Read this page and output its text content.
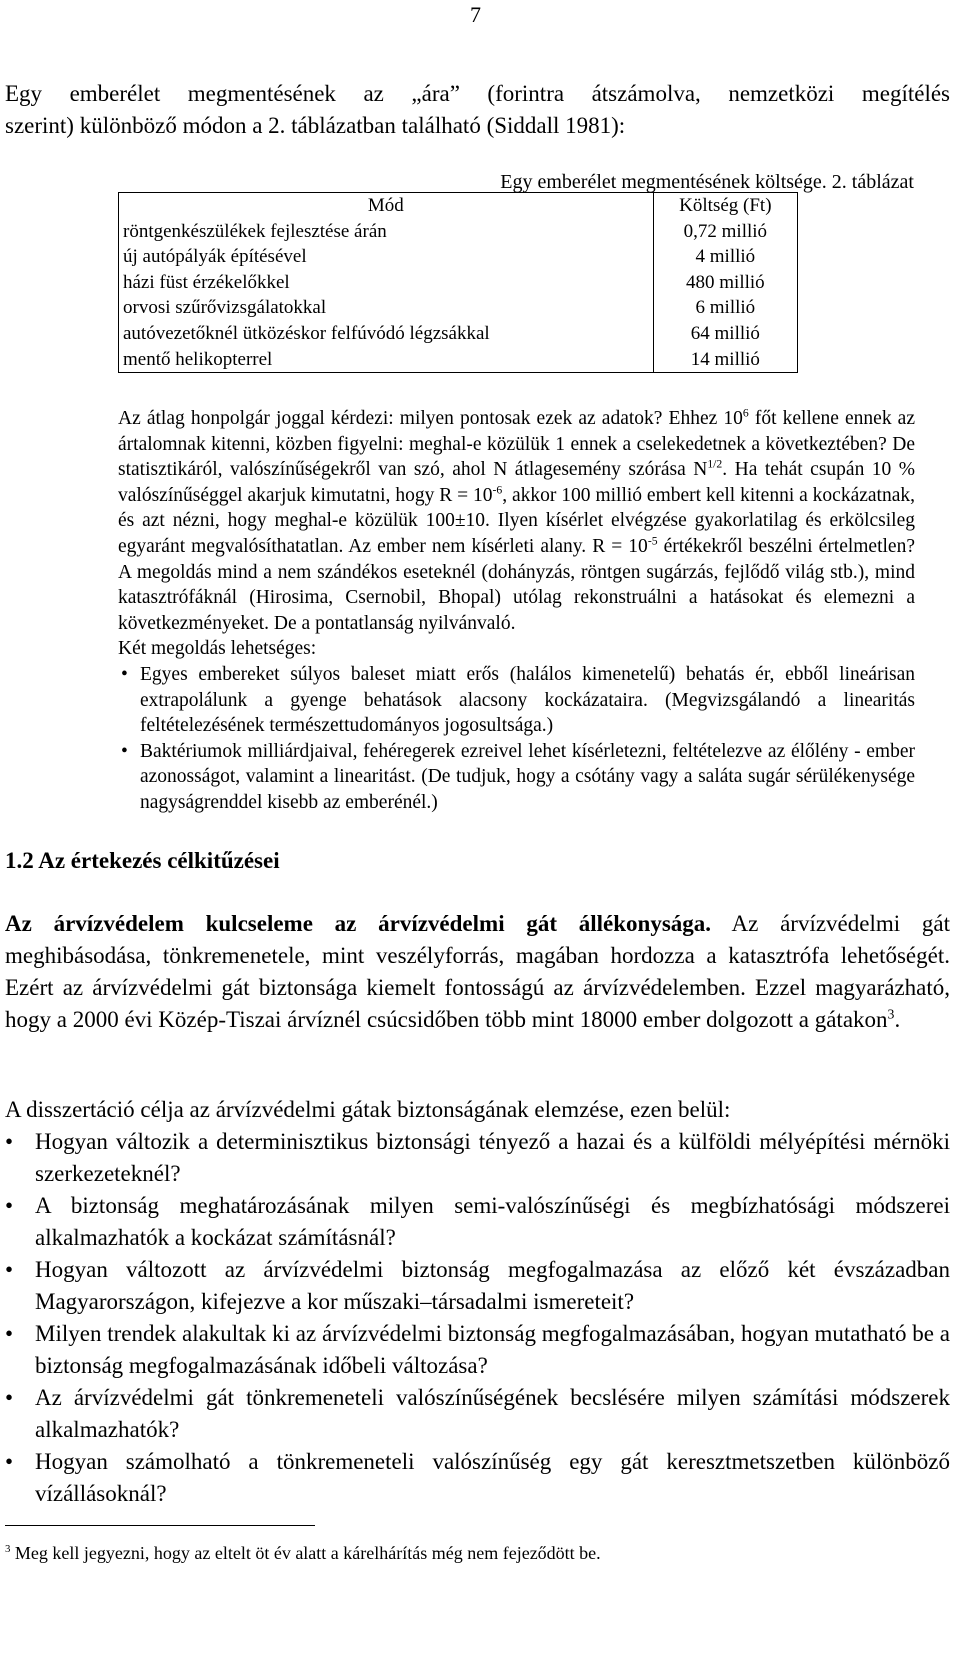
7
Egy emberélet megmentésének az „ára” (forintra átszámolva, nemzetközi megítélés
szerint) különböző módon a 2. táblázatban található (Siddall 1981):
Egy emberélet megmentésének költsége. 2. táblázat
Mód	Költség (Ft)
röntgenkészülékek fejlesztése árán	0,72 millió
új autópályák építésével	4 millió
házi füst érzékelőkkel	480 millió
orvosi szűrővizsgálatokkal	6 millió
autóvezetőknél ütközéskor felfúvódó légzsákkal	64 millió
mentő helikopterrel	14 millió
Az átlag honpolgár joggal kérdezi: milyen pontosak ezek az adatok? Ehhez $10^6$ főt kellene ennek az ártalomnak kitenni, közben figyelni: meghal-e közülük 1 ennek a cselekedetnek a következtében? De statisztikáról, valószínűségekről van szó, ahol N átlagesemény szórása $N^{1/2}$. Ha tehát csupán 10 % valószínűséggel akarjuk kimutatni, hogy $R = 10^{-6}$, akkor 100 millió embert kell kitenni a kockázatnak, és azt nézni, hogy meghal-e közülük 100±10. Ilyen kísérlet elvégzése gyakorlatilag és erkölcsileg egyaránt megvalósíthatatlan. Az ember nem kísérleti alany. $R = 10^{-5}$ értékekről beszélni értelmetlen? A megoldás mind a nem szándékos eseteknél (dohányzás, röntgen sugárzás, fejlődő világ stb.), mind katasztrófáknál (Hirosima, Csernobil, Bhopal) utólag rekonstruálni a hatásokat és elemezni a következményeket. De a pontatlanság nyilvánvaló.
Két megoldás lehetséges:
• Egyes embereket súlyos baleset miatt erős (halálos kimenetelű) behatás ér, ebből lineárisan extrapolálunk a gyenge behatások alacsony kockázataira. (Megvizsgálandó a linearitás feltételezésének természettudományos jogosultsága.)
• Baktériumok milliárdjaival, fehéregerek ezreivel lehet kísérletezni, feltételezve az élőlény - ember azonosságot, valamint a linearitást. (De tudjuk, hogy a csótány vagy a saláta sugár sérülékenysége nagyságrenddel kisebb az emberénél.)
1.2 Az értekezés célkitűzései
Az árvízvédelem kulcseleme az árvízvédelmi gát állékonysága. Az árvízvédelmi gát meghibásodása, tönkremenetele, mint veszélyforrás, magában hordozza a katasztrófa lehetőségét. Ezért az árvízvédelmi gát biztonsága kiemelt fontosságú az árvízvédelemben. Ezzel magyarázható, hogy a 2000 évi Közép-Tiszai árvíznél csúcsidőben több mint 18000 ember dolgozott a gátakon$^3$.
A disszertáció célja az árvízvédelmi gátak biztonságának elemzése, ezen belül:
• Hogyan változik a determinisztikus biztonsági tényező a hazai és a külföldi mélyépítési mérnöki szerkezeteknél?
• A biztonság meghatározásának milyen semi-valószínűségi és megbízhatósági módszerei alkalmazhatók a kockázat számításnál?
• Hogyan változott az árvízvédelmi biztonság megfogalmazása az előző két évszázadban Magyarországon, kifejezve a kor műszaki–társadalmi ismereteit?
• Milyen trendek alakultak ki az árvízvédelmi biztonság megfogalmazásában, hogyan mutatható be a biztonság megfogalmazásának időbeli változása?
• Az árvízvédelmi gát tönkremeneteli valószínűségének becslésére milyen számítási módszerek alkalmazhatók?
• Hogyan számolható a tönkremeneteli valószínűség egy gát keresztmetszetben különböző vízállásoknál?
$^3$ Meg kell jegyezni, hogy az eltelt öt év alatt a kárelhárítás még nem fejeződött be.
